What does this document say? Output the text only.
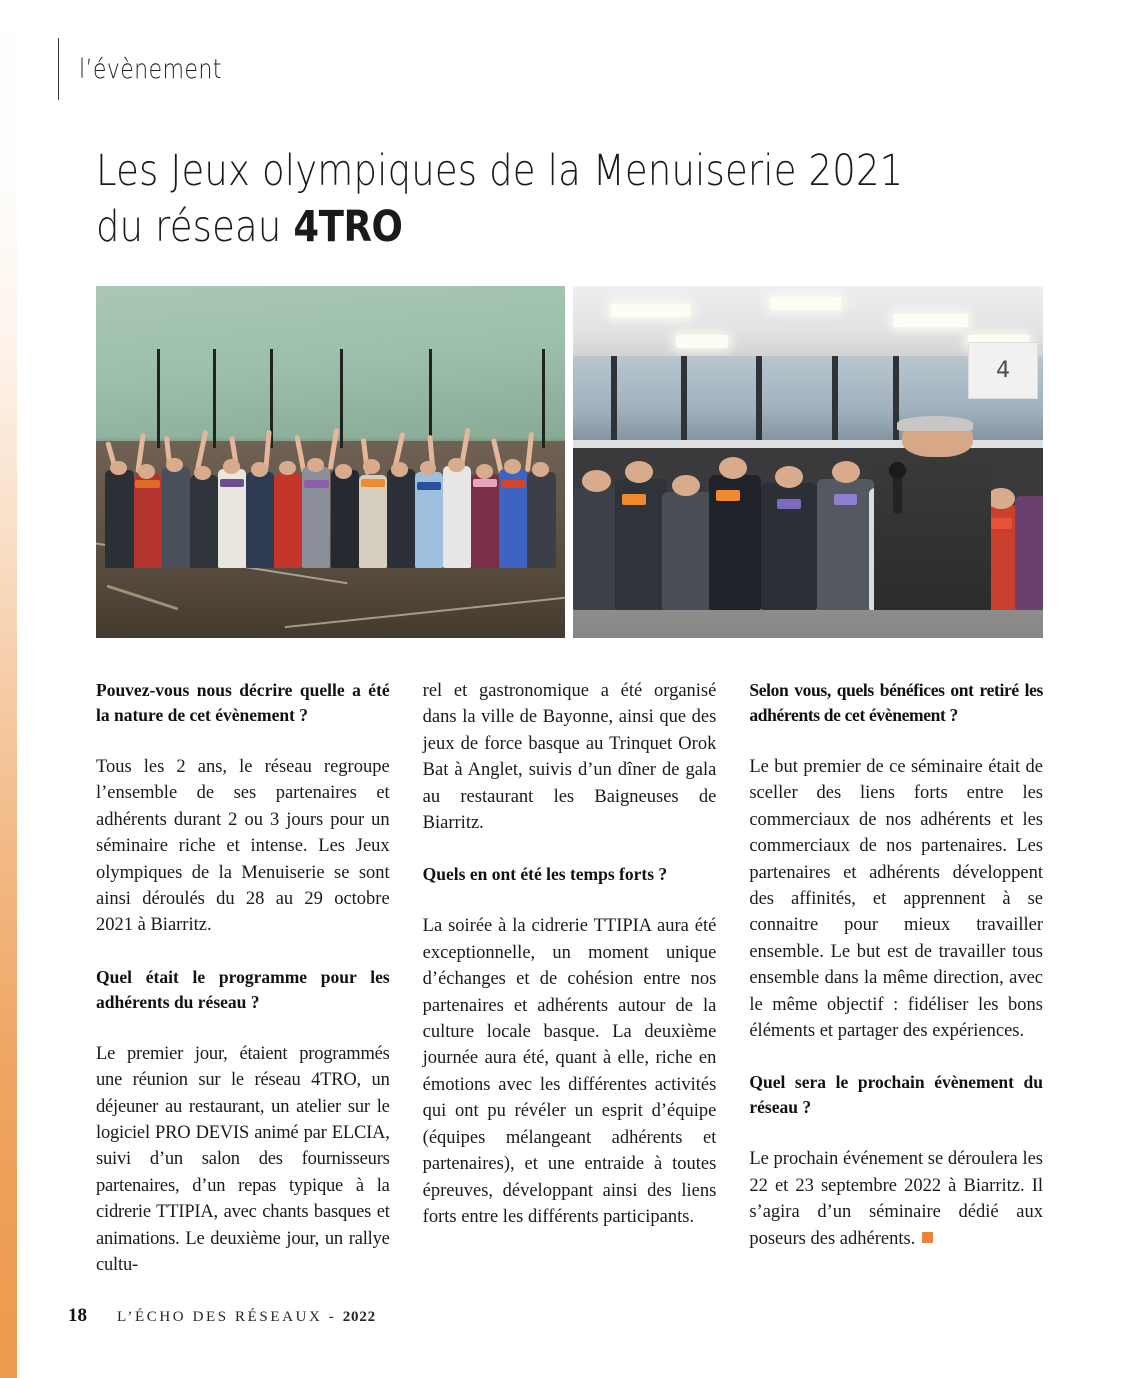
l’évènement
Les Jeux olympiques de la Menuiserie 2021
du réseau 4TRO
4

Pouvez-vous nous décrire quelle a été la nature de cet évènement ?

Tous les 2 ans, le réseau regroupe l’ensemble de ses partenaires et adhérents durant 2 ou 3 jours pour un séminaire riche et intense. Les Jeux olympiques de la Menuiserie se sont ainsi déroulés du 28 au 29 octobre 2021 à Biarritz.

Quel était le programme pour les adhérents du réseau ?

Le premier jour, étaient programmés une réunion sur le réseau 4TRO, un déjeuner au restaurant, un atelier sur le logiciel PRO DEVIS animé par ELCIA, suivi d’un salon des fournisseurs partenaires, d’un repas typique à la cidrerie TTIPIA, avec chants basques et animations. Le deuxième jour, un rallye cultu-

rel et gastronomique a été organisé dans la ville de Bayonne, ainsi que des jeux de force basque au Trinquet Orok Bat à Anglet, suivis d’un dîner de gala au restaurant les Baigneuses de Biarritz.

Quels en ont été les temps forts ?

La soirée à la cidrerie TTIPIA aura été exceptionnelle, un moment unique d’échanges et de cohésion entre nos partenaires et adhérents autour de la culture locale basque. La deuxième journée aura été, quant à elle, riche en émotions avec les différentes activités qui ont pu révéler un esprit d’équipe (équipes mélangeant adhérents et partenaires), et une entraide à toutes épreuves, développant ainsi des liens forts entre les différents participants.

Selon vous, quels bénéfices ont retiré les adhérents de cet évènement ?

Le but premier de ce séminaire était de sceller des liens forts entre les commerciaux de nos adhérents et les commerciaux de nos partenaires. Les partenaires et adhérents développent des affinités, et apprennent à se connaitre pour mieux travailler ensemble. Le but est de travailler tous ensemble dans la même direction, avec le même objectif : fidéliser les bons éléments et partager des expériences.

Quel sera le prochain évènement du réseau ?

Le prochain événement se déroulera les 22 et 23 septembre 2022 à Biarritz. Il s’agira d’un séminaire dédié aux poseurs des adhérents.

18 L’ÉCHO DES RÉSEAUX - 2022
